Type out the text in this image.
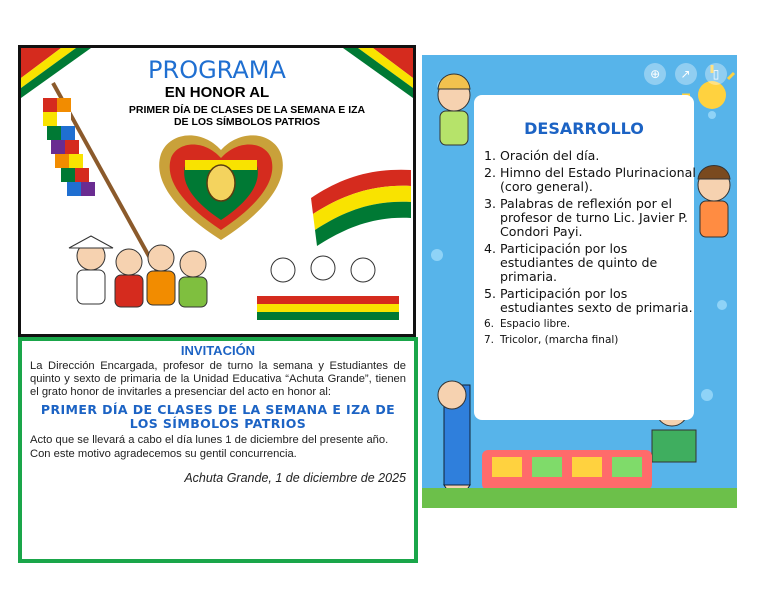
PROGRAMA
EN HONOR AL
PRIMER DÍA DE CLASES DE LA SEMANA E IZA DE LOS SÍMBOLOS PATRIOS
INVITACIÓN
La Dirección Encargada, profesor de turno la semana y Estudiantes de quinto y sexto de primaria de la Unidad Educativa “Achuta Grande”, tienen el grato honor de invitarles a presenciar del acto en honor al:
PRIMER DÍA DE CLASES DE LA SEMANA E IZA DE LOS SÍMBOLOS PATRIOS
Acto que se llevará a cabo el día lunes 1 de diciembre del presente año.
Con este motivo agradecemos su gentil concurrencia.
Achuta Grande, 1 de diciembre de 2025
⊕ ↗ ▯
DESARROLLO
1. Oración del día.
2. Himno del Estado Plurinacional (coro general).
3. Palabras de reflexión por el profesor de turno Lic. Javier P. Condori Payi.
4. Participación por los estudiantes de quinto de primaria.
5. Participación por los estudiantes sexto de primaria.
6. Espacio libre.
7. Tricolor, (marcha final)
